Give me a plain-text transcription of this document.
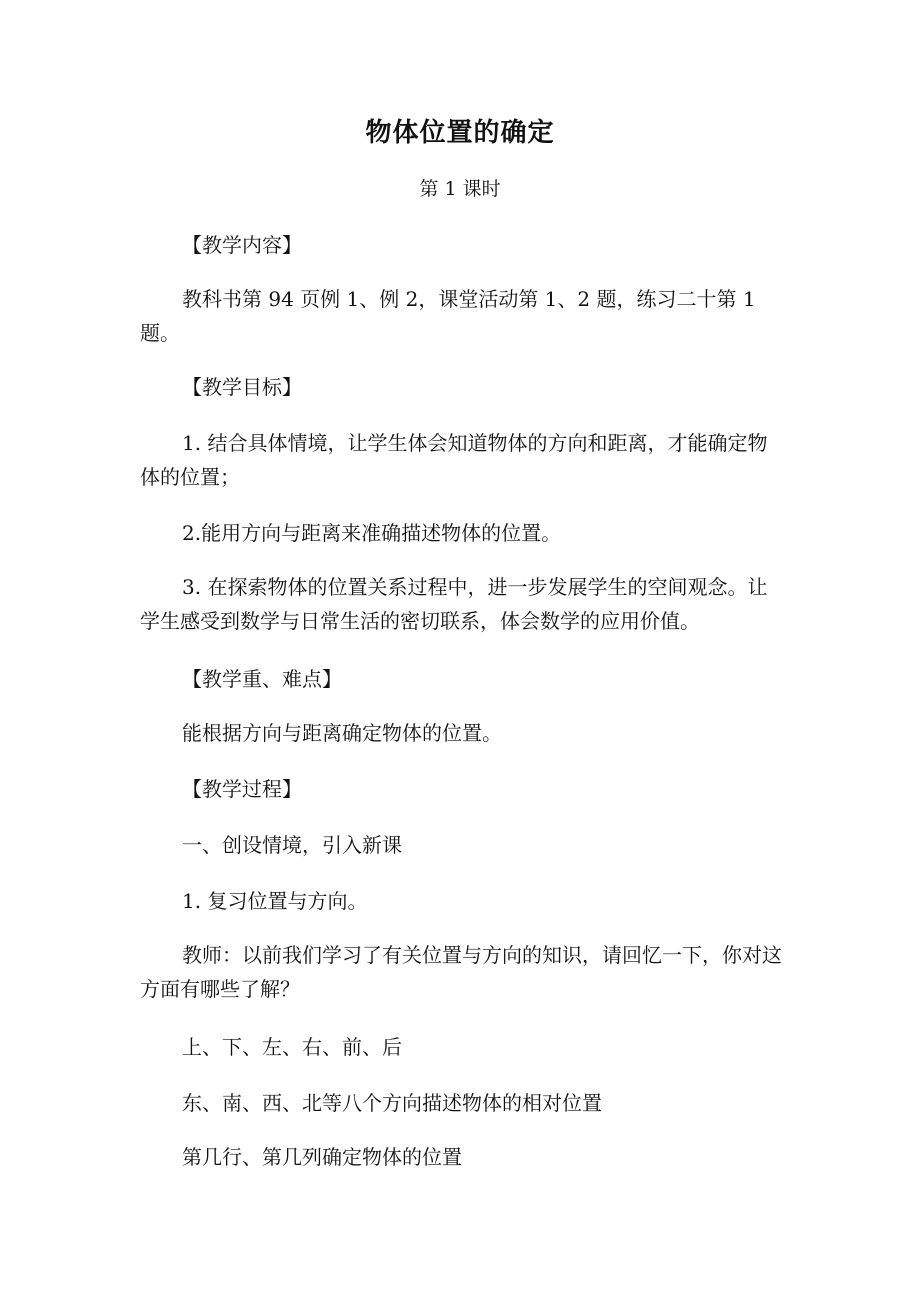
物体位置的确定
第 1 课时

【教学内容】

教科书第 94 页例 1、例 2，课堂活动第 1、2 题，练习二十第 1 题。

【教学目标】

1. 结合具体情境，让学生体会知道物体的方向和距离，才能确定物体的位置；

2.能用方向与距离来准确描述物体的位置。

3. 在探索物体的位置关系过程中，进一步发展学生的空间观念。让学生感受到数学与日常生活的密切联系，体会数学的应用价值。

【教学重、难点】

能根据方向与距离确定物体的位置。

【教学过程】

一、创设情境，引入新课

1. 复习位置与方向。

教师：以前我们学习了有关位置与方向的知识，请回忆一下，你对这方面有哪些了解？

上、下、左、右、前、后

东、南、西、北等八个方向描述物体的相对位置

第几行、第几列确定物体的位置
